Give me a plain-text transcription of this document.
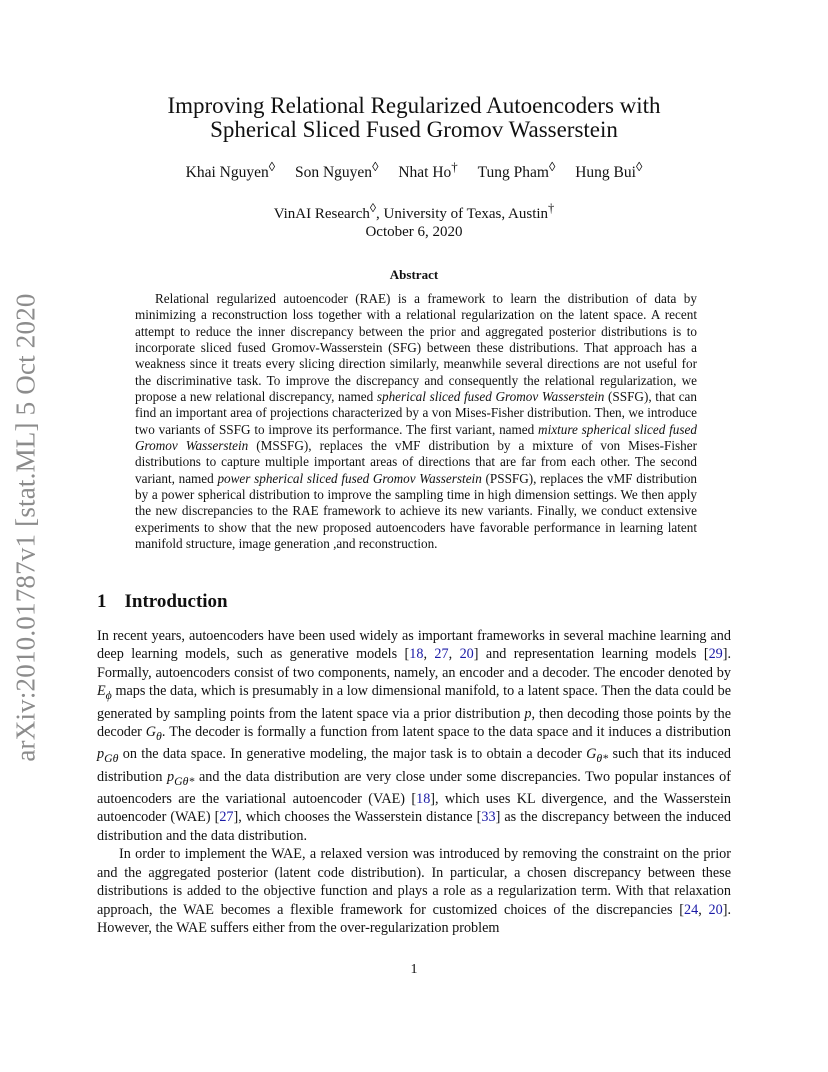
arXiv:2010.01787v1 [stat.ML] 5 Oct 2020
Improving Relational Regularized Autoencoders with
Spherical Sliced Fused Gromov Wasserstein
Khai Nguyen◊ Son Nguyen◊ Nhat Ho† Tung Pham◊ Hung Bui◊
VinAI Research◊, University of Texas, Austin†
October 6, 2020
Abstract

Relational regularized autoencoder (RAE) is a framework to learn the distribution of data by minimizing a reconstruction loss together with a relational regularization on the latent space. A recent attempt to reduce the inner discrepancy between the prior and aggregated posterior distributions is to incorporate sliced fused Gromov-Wasserstein (SFG) between these distributions. That approach has a weakness since it treats every slicing direction similarly, meanwhile several directions are not useful for the discriminative task. To improve the discrepancy and consequently the relational regularization, we propose a new relational discrepancy, named spherical sliced fused Gromov Wasserstein (SSFG), that can find an important area of projections characterized by a von Mises-Fisher distribution. Then, we introduce two variants of SSFG to improve its performance. The first variant, named mixture spherical sliced fused Gromov Wasserstein (MSSFG), replaces the vMF distribution by a mixture of von Mises-Fisher distributions to capture multiple important areas of directions that are far from each other. The second variant, named power spherical sliced fused Gromov Wasserstein (PSSFG), replaces the vMF distribution by a power spherical distribution to improve the sampling time in high dimension settings. We then apply the new discrepancies to the RAE framework to achieve its new variants. Finally, we conduct extensive experiments to show that the new proposed autoencoders have favorable performance in learning latent manifold structure, image generation ,and reconstruction.

1 Introduction

In recent years, autoencoders have been used widely as important frameworks in several machine learning and deep learning models, such as generative models [18, 27, 20] and representation learning models [29]. Formally, autoencoders consist of two components, namely, an encoder and a decoder. The encoder denoted by $E_\phi$ maps the data, which is presumably in a low dimensional manifold, to a latent space. Then the data could be generated by sampling points from the latent space via a prior distribution p, then decoding those points by the decoder $G_\theta$. The decoder is formally a function from latent space to the data space and it induces a distribution $p_{G\theta}$ on the data space. In generative modeling, the major task is to obtain a decoder $G_{\theta*}$ such that its induced distribution $p_{G\theta*}$ and the data distribution are very close under some discrepancies. Two popular instances of autoencoders are the variational autoencoder (VAE) [18], which uses KL divergence, and the Wasserstein autoencoder (WAE) [27], which chooses the Wasserstein distance [33] as the discrepancy between the induced distribution and the data distribution.

In order to implement the WAE, a relaxed version was introduced by removing the constraint on the prior and the aggregated posterior (latent code distribution). In particular, a chosen discrepancy between these distributions is added to the objective function and plays a role as a regularization term. With that relaxation approach, the WAE becomes a flexible framework for customized choices of the discrepancies [24, 20]. However, the WAE suffers either from the over-regularization problem

1
